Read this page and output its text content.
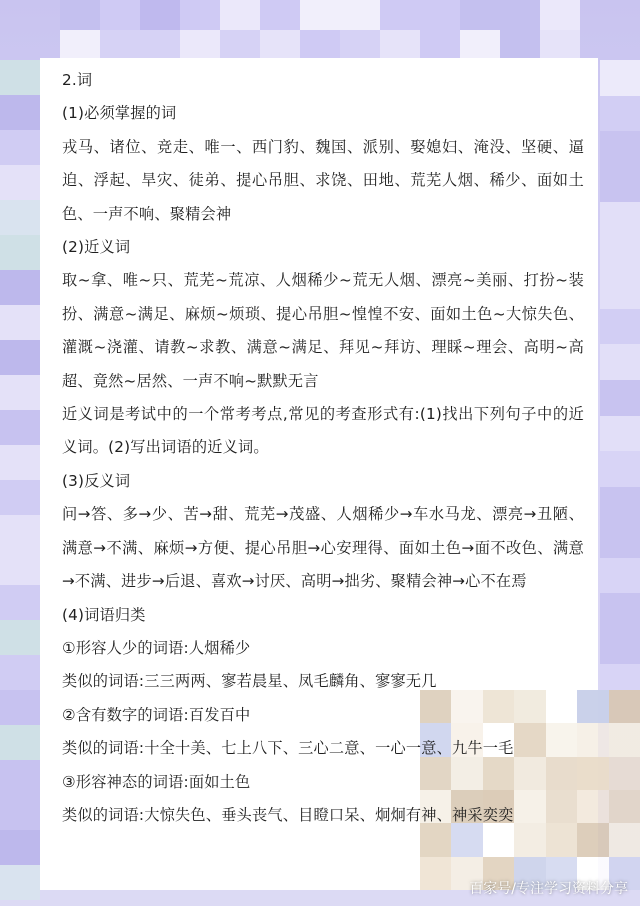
2.词

(1)必须掌握的词

戎马、诸位、竞走、唯一、西门豹、魏国、派别、娶媳妇、淹没、坚硬、逼迫、浮起、旱灾、徒弟、提心吊胆、求饶、田地、荒芜人烟、稀少、面如土色、一声不响、聚精会神

(2)近义词

取~拿、唯~只、荒芜~荒凉、人烟稀少~荒无人烟、漂亮~美丽、打扮~装扮、满意~满足、麻烦~烦琐、提心吊胆~惶惶不安、面如土色~大惊失色、灌溉~浇灌、请教~求教、满意~满足、拜见~拜访、理睬~理会、高明~高超、竟然~居然、一声不响~默默无言

近义词是考试中的一个常考考点,常见的考查形式有:(1)找出下列句子中的近义词。(2)写出词语的近义词。

(3)反义词

问→答、多→少、苦→甜、荒芜→茂盛、人烟稀少→车水马龙、漂亮→丑陋、满意→不满、麻烦→方便、提心吊胆→心安理得、面如土色→面不改色、满意→不满、进步→后退、喜欢→讨厌、高明→拙劣、聚精会神→心不在焉

(4)词语归类

①形容人少的词语:人烟稀少

类似的词语:三三两两、寥若晨星、凤毛麟角、寥寥无几

②含有数字的词语:百发百中

类似的词语:十全十美、七上八下、三心二意、一心一意、九牛一毛

③形容神态的词语:面如土色

类似的词语:大惊失色、垂头丧气、目瞪口呆、炯炯有神、神采奕奕

百家号/专注学习资料分享
